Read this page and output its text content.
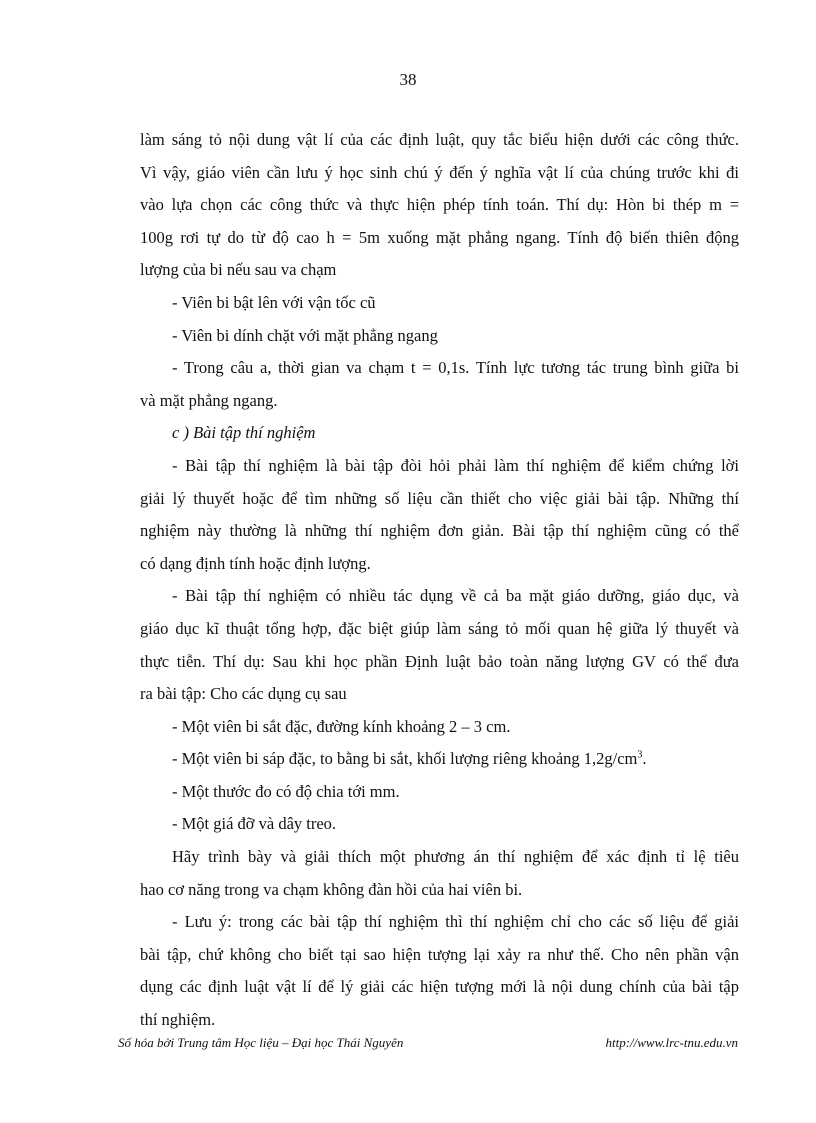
38
làm sáng tỏ nội dung vật lí của các định luật, quy tắc biểu hiện dưới các công thức.
Vì vậy, giáo viên cần lưu ý học sinh chú ý đến ý nghĩa vật lí của chúng trước khi đi
vào lựa chọn các công thức và thực hiện phép tính toán. Thí dụ: Hòn bi thép m =
100g rơi tự do từ độ cao h = 5m xuống mặt phẳng ngang. Tính độ biến thiên động
lượng của bi nếu sau va chạm
- Viên bi bật lên với vận tốc cũ
- Viên bi dính chặt với mặt phẳng ngang
- Trong câu a, thời gian va chạm t = 0,1s. Tính lực tương tác trung bình giữa bi
và mặt phẳng ngang.
c ) Bài tập thí nghiệm
- Bài tập thí nghiệm là bài tập đòi hỏi phải làm thí nghiệm để kiểm chứng lời
giải lý thuyết hoặc để tìm những số liệu cần thiết cho việc giải bài tập. Những thí
nghiệm này thường là những thí nghiệm đơn giản. Bài tập thí nghiệm cũng có thể
có dạng định tính hoặc định lượng.
- Bài tập thí nghiệm có nhiều tác dụng về cả ba mặt giáo dưỡng, giáo dục, và
giáo dục kĩ thuật tổng hợp, đặc biệt giúp làm sáng tỏ mối quan hệ giữa lý thuyết và
thực tiễn. Thí dụ: Sau khi học phần Định luật bảo toàn năng lượng GV có thể đưa
ra bài tập: Cho các dụng cụ sau
- Một viên bi sắt đặc, đường kính khoảng 2 – 3 cm.
- Một viên bi sáp đặc, to bằng bi sắt, khối lượng riêng khoảng $1,2g/cm^3$.
- Một thước đo có độ chia tới mm.
- Một giá đỡ và dây treo.
Hãy trình bày và giải thích một phương án thí nghiệm để xác định tỉ lệ tiêu
hao cơ năng trong va chạm không đàn hồi của hai viên bi.
- Lưu ý: trong các bài tập thí nghiệm thì thí nghiệm chỉ cho các số liệu để giải
bài tập, chứ không cho biết tại sao hiện tượng lại xảy ra như thế. Cho nên phần vận
dụng các định luật vật lí để lý giải các hiện tượng mới là nội dung chính của bài tập
thí nghiệm.
Số hóa bởi Trung tâm Học liệu – Đại học Thái Nguyên	http://www.lrc-tnu.edu.vn
